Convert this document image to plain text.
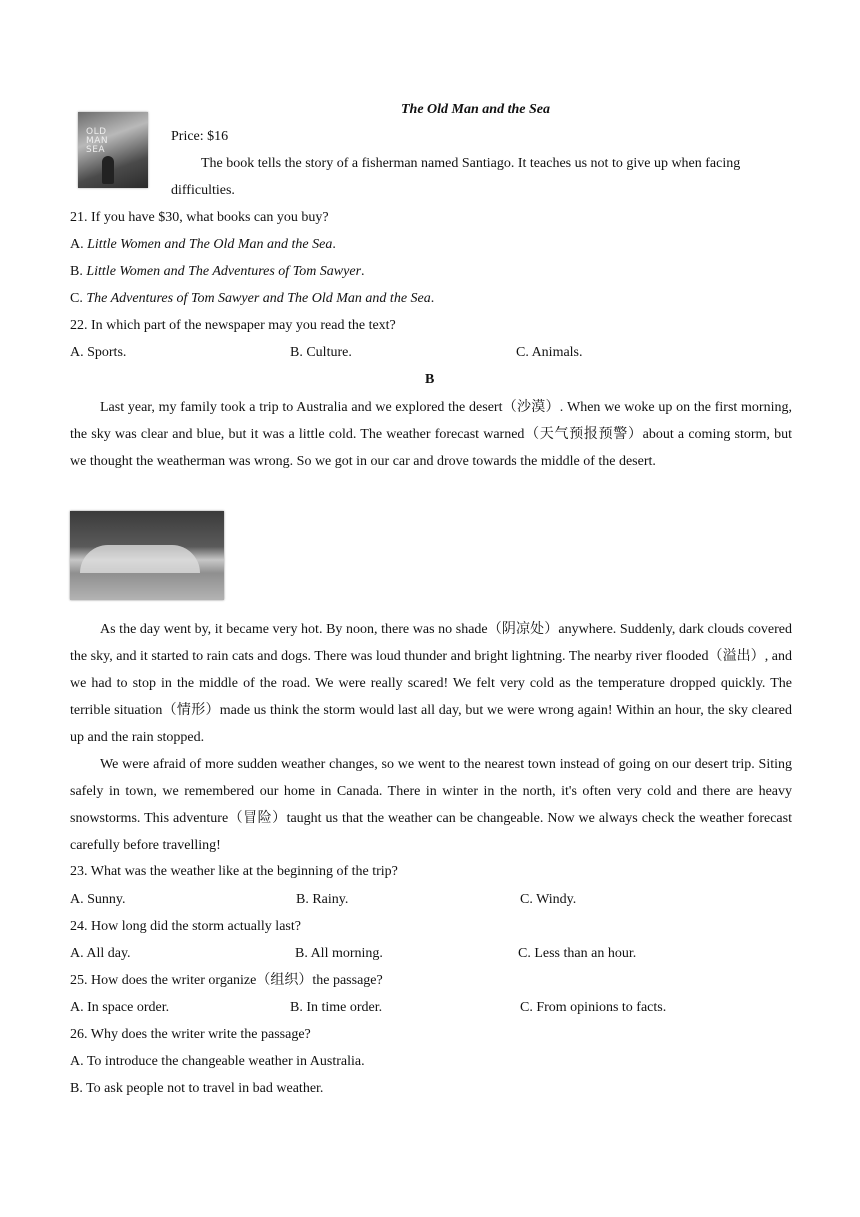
OLD
MAN
SEA
The Old Man and the Sea
Price: $16
The book tells the story of a fisherman named Santiago. It teaches us not to give up when facing
difficulties.
21. If you have $30, what books can you buy?
A. Little Women and The Old Man and the Sea.
B. Little Women and The Adventures of Tom Sawyer.
C. The Adventures of Tom Sawyer and The Old Man and the Sea.
22. In which part of the newspaper may you read the text?
A. Sports.	B. Culture.	C. Animals.
B

Last year, my family took a trip to Australia and we explored the desert（沙漠）. When we woke up on the first morning, the sky was clear and blue, but it was a little cold. The weather forecast warned（天气预报预警）about a coming storm, but we thought the weatherman was wrong. So we got in our car and drove towards the middle of the desert.

As the day went by, it became very hot. By noon, there was no shade（阴凉处）anywhere. Suddenly, dark clouds covered the sky, and it started to rain cats and dogs. There was loud thunder and bright lightning. The nearby river flooded（溢出）, and we had to stop in the middle of the road. We were really scared! We felt very cold as the temperature dropped quickly. The terrible situation（情形）made us think the storm would last all day, but we were wrong again! Within an hour, the sky cleared up and the rain stopped.

We were afraid of more sudden weather changes, so we went to the nearest town instead of going on our desert trip. Siting safely in town, we remembered our home in Canada. There in winter in the north, it's often very cold and there are heavy snowstorms. This adventure（冒险）taught us that the weather can be changeable. Now we always check the weather forecast carefully before travelling!

23. What was the weather like at the beginning of the trip?
A. Sunny.	B. Rainy.	C. Windy.
24. How long did the storm actually last?
A. All day.	B. All morning.	C. Less than an hour.
25. How does the writer organize（组织）the passage?
A. In space order.	B. In time order.	C. From opinions to facts.
26. Why does the writer write the passage?
A. To introduce the changeable weather in Australia.
B. To ask people not to travel in bad weather.
